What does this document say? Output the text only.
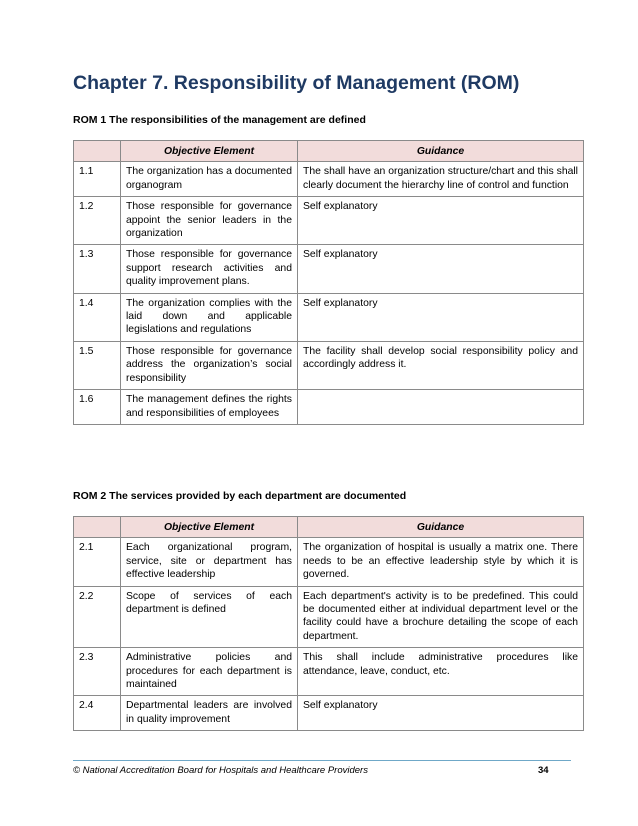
Chapter 7. Responsibility of Management (ROM)

ROM 1 The responsibilities of the management are defined

	Objective Element	Guidance
1.1	The organization has a documented organogram	The shall have an organization structure/chart and this shall clearly document the hierarchy line of control and function
1.2	Those responsible for governance appoint the senior leaders in the organization	Self explanatory
1.3	Those responsible for governance support research activities and quality improvement plans.	Self explanatory
1.4	The organization complies with the laid down and applicable legislations and regulations	Self explanatory
1.5	Those responsible for governance address the organization’s social responsibility	The facility shall develop social responsibility policy and accordingly address it.
1.6	The management defines the rights and responsibilities of employees	

ROM 2 The services provided by each department are documented

	Objective Element	Guidance
2.1	Each organizational program, service, site or department has effective leadership	The organization of hospital is usually a matrix one. There needs to be an effective leadership style by which it is governed.
2.2	Scope of services of each department is defined	Each department's activity is to be predefined. This could be documented either at individual department level or the facility could have a brochure detailing the scope of each department.
2.3	Administrative policies and procedures for each department is maintained	This shall include administrative procedures like attendance, leave, conduct, etc.
2.4	Departmental leaders are involved in quality improvement	Self explanatory

© National Accreditation Board for Hospitals and Healthcare Providers	34
